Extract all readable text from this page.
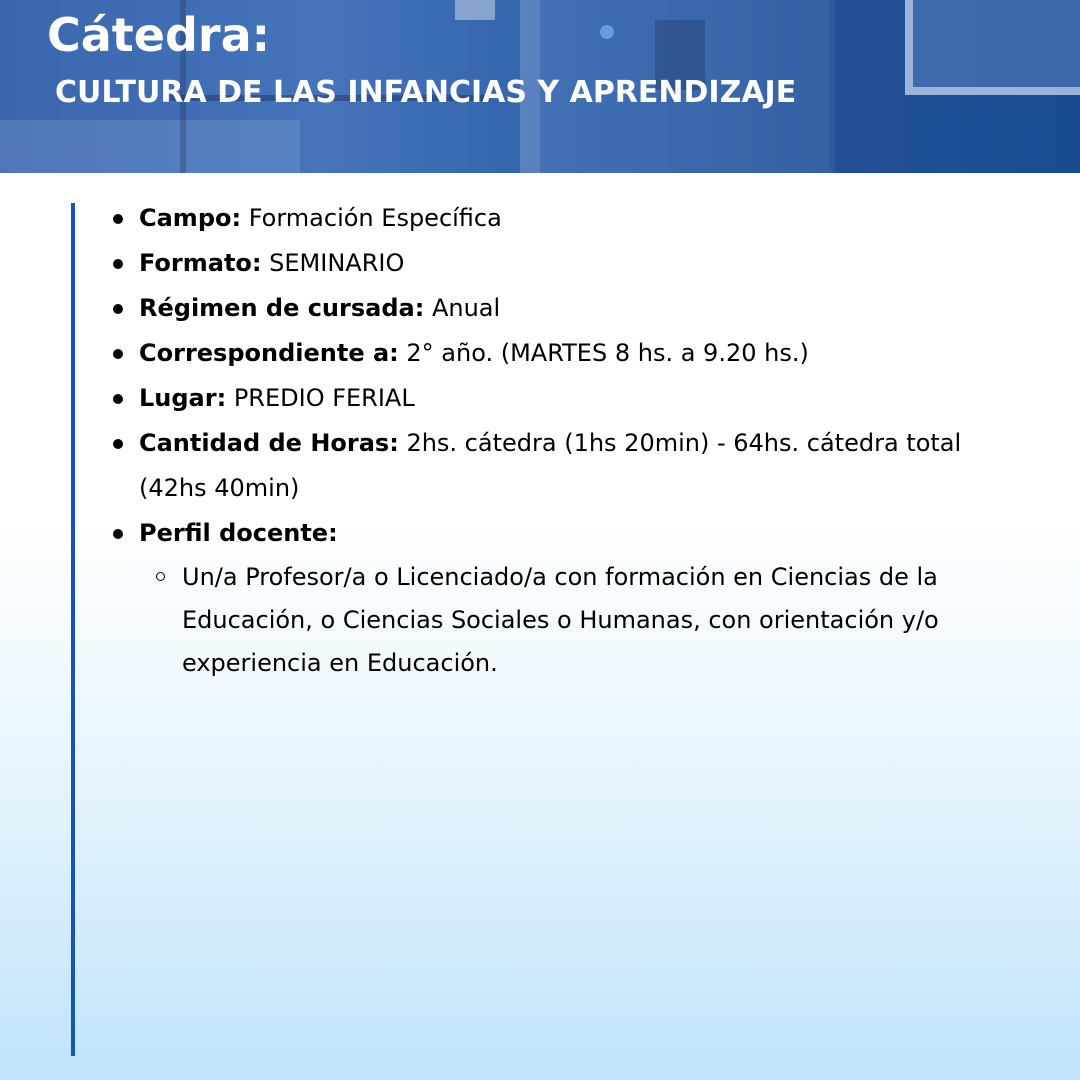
Cátedra:
CULTURA DE LAS INFANCIAS Y APRENDIZAJE
Campo: Formación Específica
Formato: SEMINARIO
Régimen de cursada: Anual
Correspondiente a: 2° año. (MARTES 8 hs. a 9.20 hs.)
Lugar: PREDIO FERIAL
Cantidad de Horas: 2hs. cátedra (1hs 20min) - 64hs. cátedra total (42hs 40min)
Perfil docente:
Un/a Profesor/a o Licenciado/a con formación en Ciencias de la Educación, o Ciencias Sociales o Humanas, con orientación y/o experiencia en Educación.
